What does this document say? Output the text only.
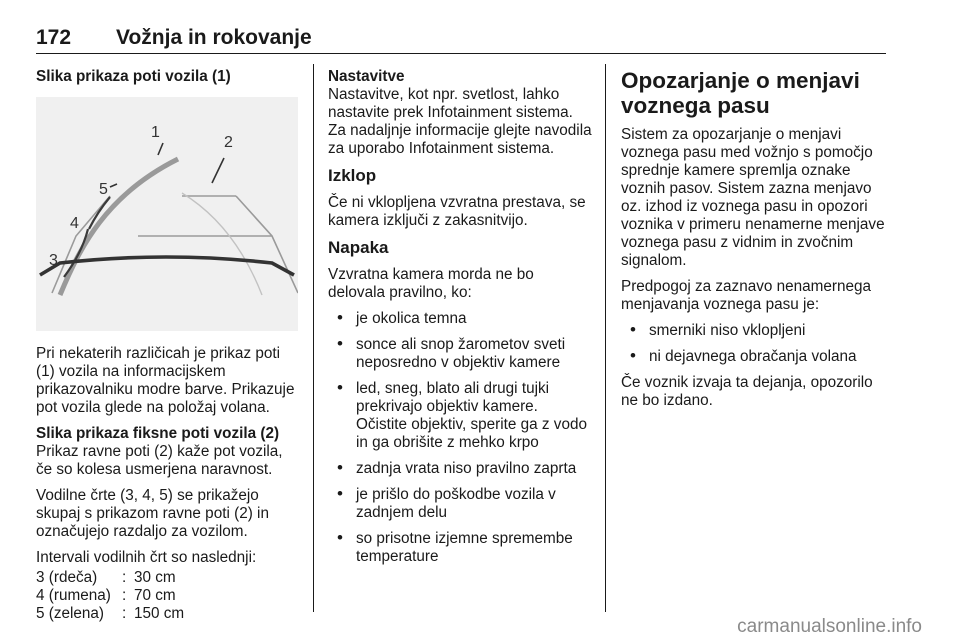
172 Vožnja in rokovanje

Slika prikaza poti vozila (1)

1
2
3
4
5

Pri nekaterih različicah je prikaz poti (1) vozila na informacijskem prikazovalniku modre barve. Prikazuje pot vozila glede na položaj volana.

Slika prikaza fiksne poti vozila (2)

Prikaz ravne poti (2) kaže pot vozila, če so kolesa usmerjena naravnost.

Vodilne črte (3, 4, 5) se prikažejo skupaj s prikazom ravne poti (2) in označujejo razdaljo za vozilom.

Intervali vodilnih črt so naslednji:

3 (rdeča)	:	30 cm
4 (rumena)	:	70 cm
5 (zelena)	:	150 cm

Nastavitve

Nastavitve, kot npr. svetlost, lahko nastavite prek Infotainment sistema. Za nadaljnje informacije glejte navodila za uporabo Infotainment sistema.

Izklop

Če ni vklopljena vzvratna prestava, se kamera izključi z zakasnitvijo.

Napaka

Vzvratna kamera morda ne bo delovala pravilno, ko:

• je okolica temna
• sonce ali snop žarometov sveti neposredno v objektiv kamere
• led, sneg, blato ali drugi tujki prekrivajo objektiv kamere. Očistite objektiv, sperite ga z vodo in ga obrišite z mehko krpo
• zadnja vrata niso pravilno zaprta
• je prišlo do poškodbe vozila v zadnjem delu
• so prisotne izjemne spremembe temperature
Opozarjanje o menjavi voznega pasu

Sistem za opozarjanje o menjavi voznega pasu med vožnjo s pomočjo sprednje kamere spremlja oznake voznih pasov. Sistem zazna menjavo oz. izhod iz voznega pasu in opozori voznika v primeru nenamerne menjave voznega pasu z vidnim in zvočnim signalom.

Predpogoj za zaznavo nenamernega menjavanja voznega pasu je:

• smerniki niso vklopljeni
• ni dejavnega obračanja volana

Če voznik izvaja ta dejanja, opozorilo ne bo izdano.

carmanualsonline.info
